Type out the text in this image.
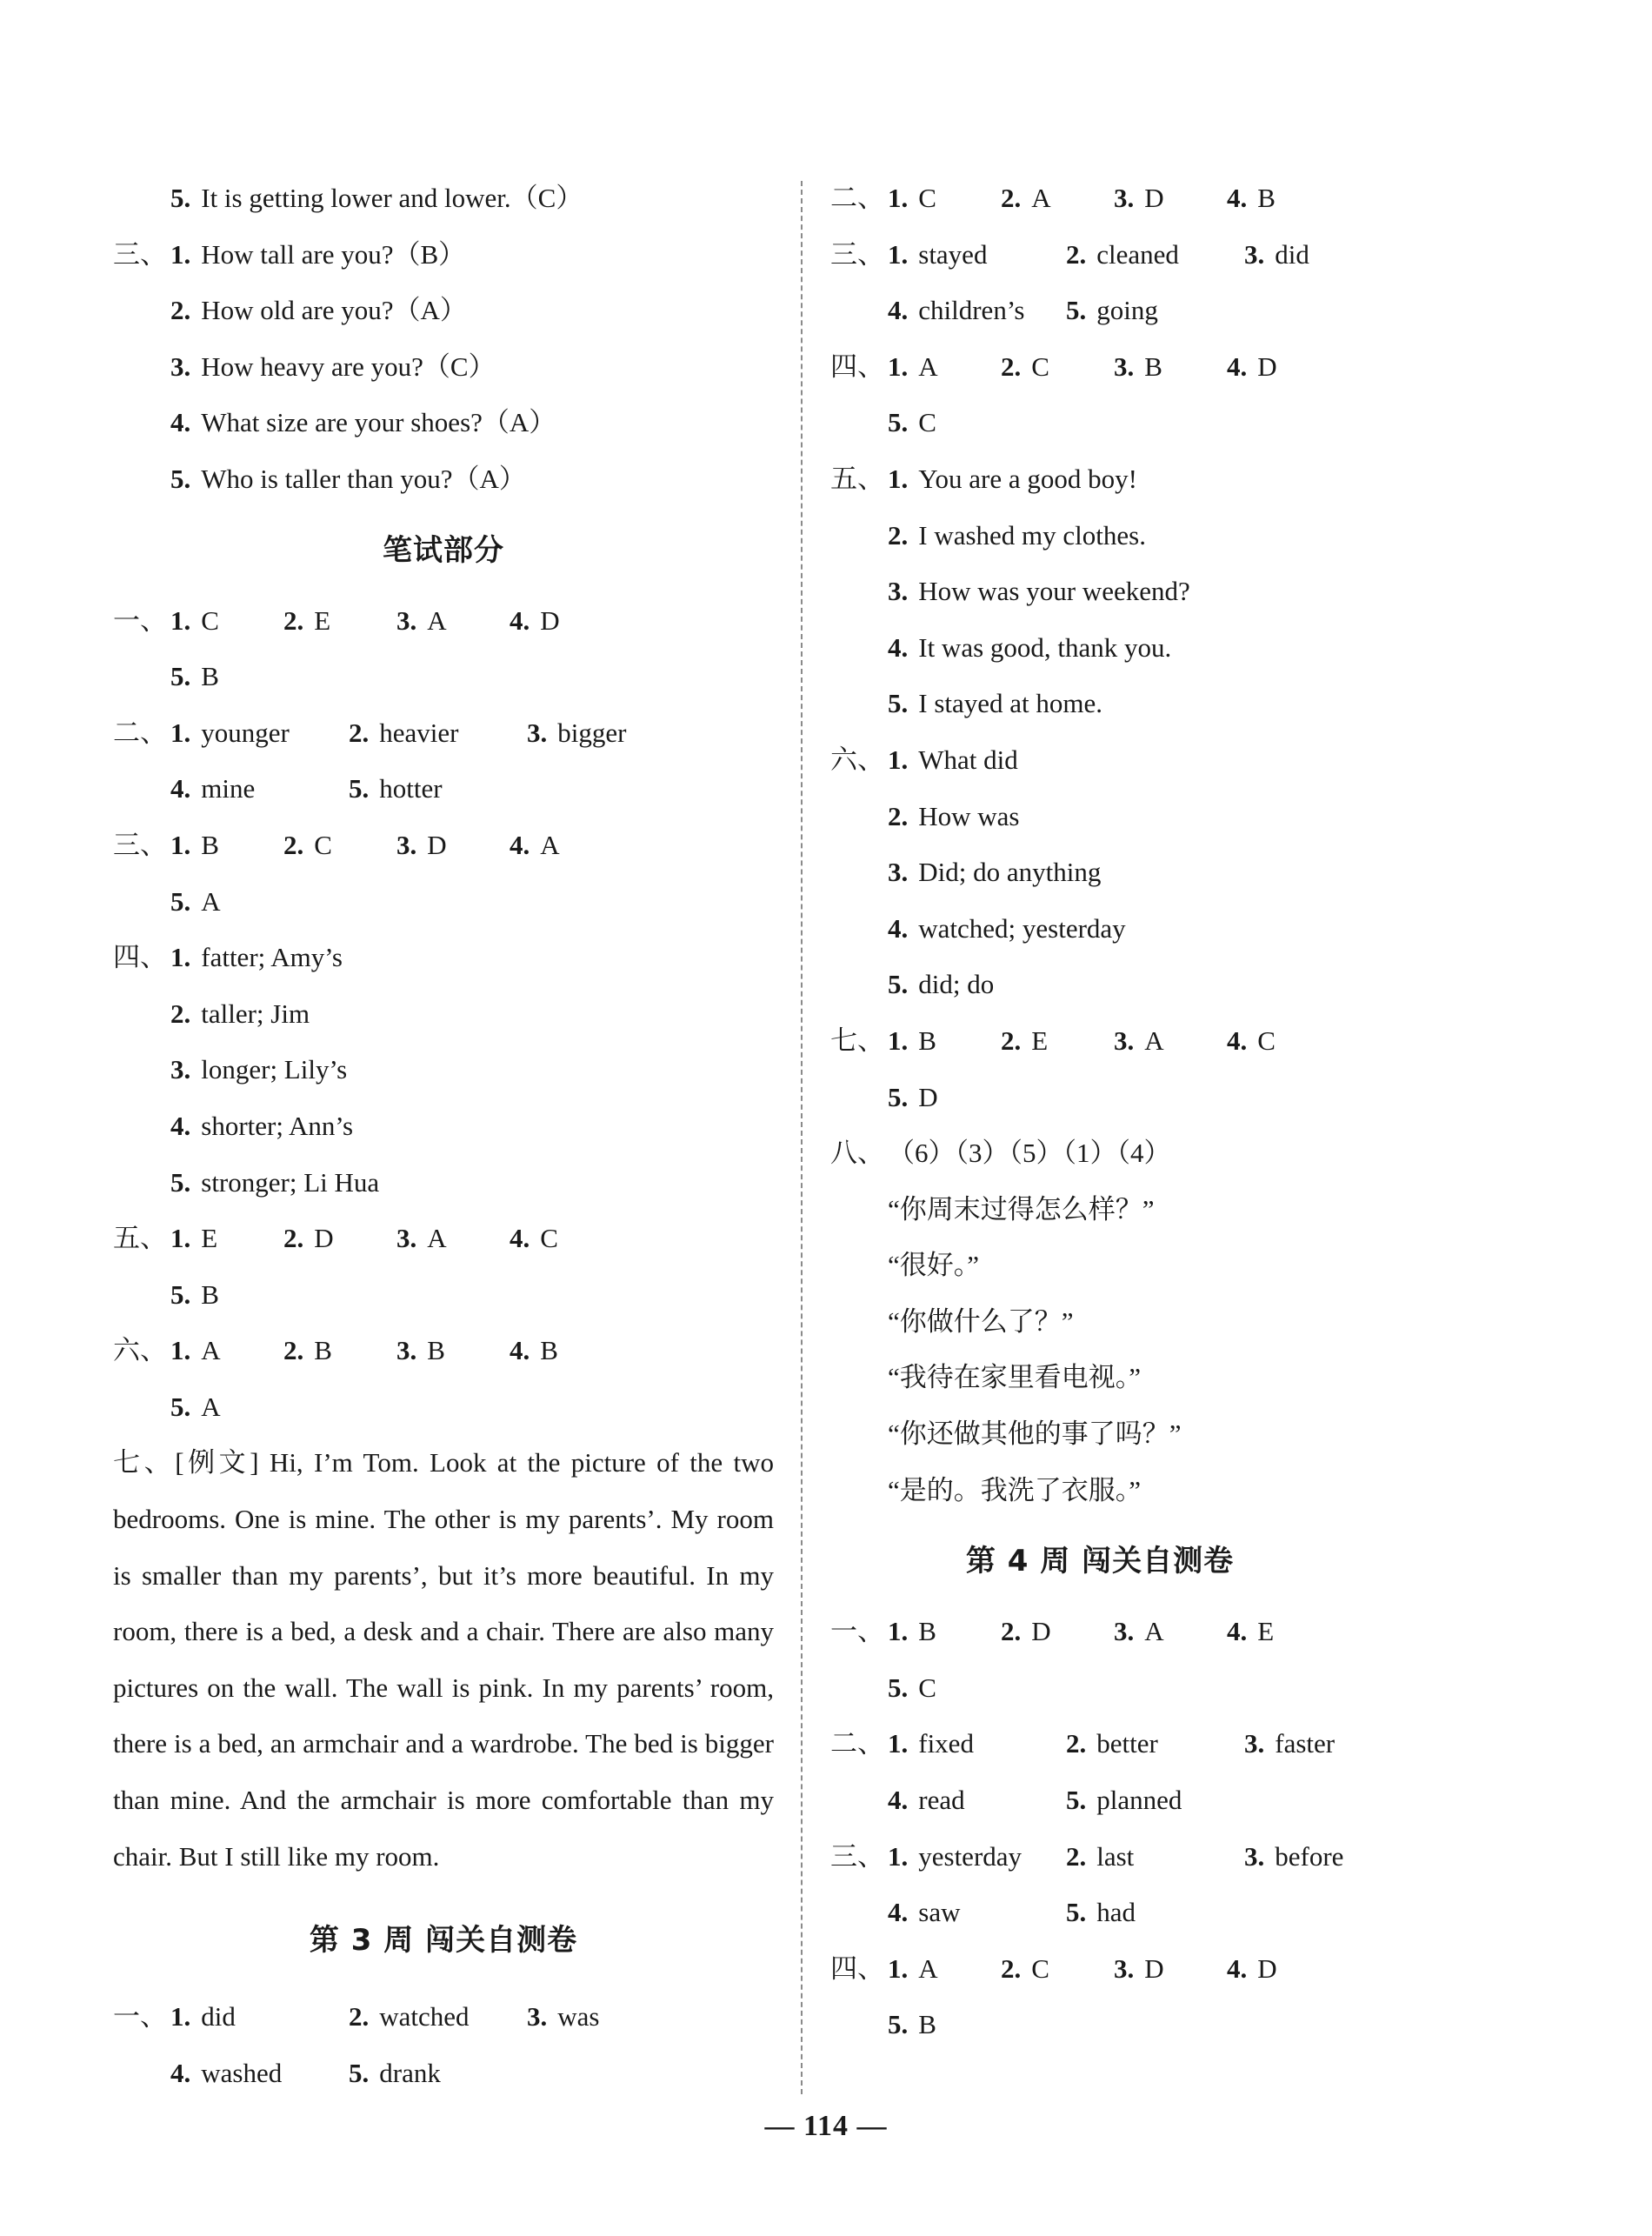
5. It is getting lower and lower.（C）
三、 1. How tall are you?（B）
2. How old are you?（A）
3. How heavy are you?（C）
4. What size are your shoes?（A）
5. Who is taller than you?（A）
笔试部分
一、 1. C 2. E 3. A 4. D
5. B
二、 1. younger 2. heavier	3. bigger
4. mine	5. hotter
三、 1. B 2. C 3. D 4. A
5. A
四、 1. fatter; Amy’s
2. taller; Jim
3. longer; Lily’s
4. shorter; Ann’s
5. stronger; Li Hua
五、 1. E 2. D 3. A 4. C
5. B
六、 1. A 2. B 3. B 4. B
5. A
七、[例文] Hi, I’m Tom. Look at the picture of the two bedrooms. One is mine. The other is my parents’. My room is smaller than my parents’, but it’s more beautiful. In my room, there is a bed, a desk and a chair. There are also many pictures on the wall. The wall is pink. In my parents’ room, there is a bed, an armchair and a wardrobe. The bed is bigger than mine. And the armchair is more comfortable than my chair. But I still like my room.
第 3 周 闯关自测卷
一、 1. did	2. watched 3. was
4. washed 5. drank
二、 1. C 2. A 3. D 4. B
三、 1. stayed	2. cleaned 3. did
4. children’s 5. going
四、 1. A 2. C 3. B 4. D
5. C
五、 1. You are a good boy!
2. I washed my clothes.
3. How was your weekend?
4. It was good, thank you.
5. I stayed at home.
六、 1. What did
2. How was
3. Did; do anything
4. watched; yesterday
5. did; do
七、 1. B 2. E 3. A 4. C
5. D
八、 （6）（3）（5）（1）（4）
“你周末过得怎么样？”
“很好。”
“你做什么了？”
“我待在家里看电视。”
“你还做其他的事了吗？”
“是的。我洗了衣服。”
第 4 周 闯关自测卷
一、 1. B 2. D 3. A 4. E
5. C
二、 1. fixed	2. better	3. faster
4. read	5. planned
三、 1. yesterday 2. last	3. before
4. saw	5. had
四、 1. A 2. C 3. D 4. D
5. B
— 114 —
